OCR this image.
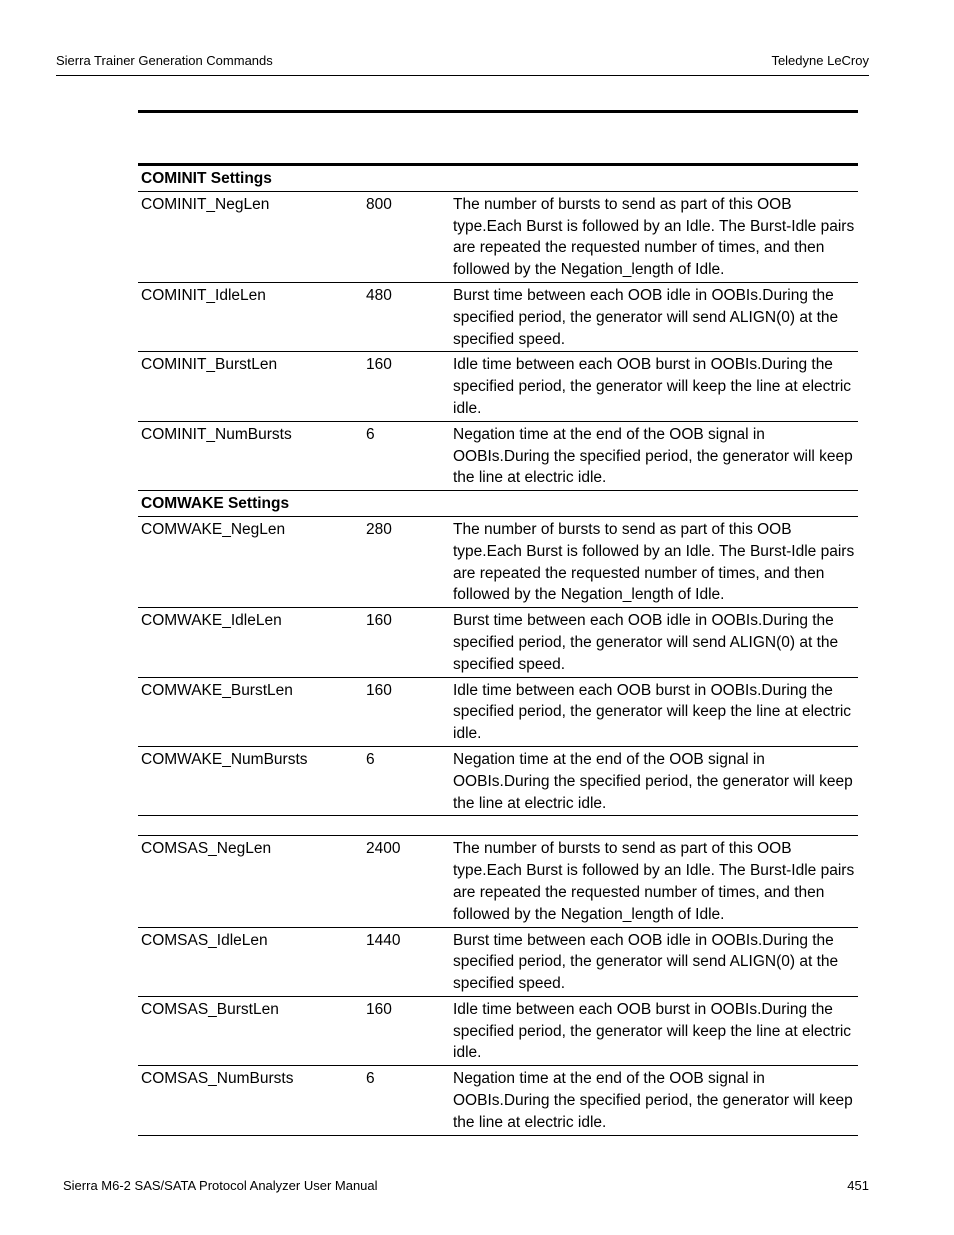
Sierra Trainer Generation Commands	Teledyne LeCroy
COMINIT Settings		
COMINIT_NegLen	800	The number of bursts to send as part of this OOB type.Each Burst is followed by an Idle. The Burst-Idle pairs are repeated the requested number of times, and then followed by the Negation_length of Idle.
COMINIT_IdleLen	480	Burst time between each OOB idle in OOBIs.During the specified period, the generator will send ALIGN(0) at the specified speed.
COMINIT_BurstLen	160	Idle time between each OOB burst in OOBIs.During the specified period, the generator will keep the line at electric idle.
COMINIT_NumBursts	6	Negation time at the end of the OOB signal in OOBIs.During the specified period, the generator will keep the line at electric idle.
COMWAKE Settings		
COMWAKE_NegLen	280	The number of bursts to send as part of this OOB type.Each Burst is followed by an Idle. The Burst-Idle pairs are repeated the requested number of times, and then followed by the Negation_length of Idle.
COMWAKE_IdleLen	160	Burst time between each OOB idle in OOBIs.During the specified period, the generator will send ALIGN(0) at the specified speed.
COMWAKE_BurstLen	160	Idle time between each OOB burst in OOBIs.During the specified period, the generator will keep the line at electric idle.
COMWAKE_NumBursts	6	Negation time at the end of the OOB signal in OOBIs.During the specified period, the generator will keep the line at electric idle.

COMSAS_NegLen	2400	The number of bursts to send as part of this OOB type.Each Burst is followed by an Idle. The Burst-Idle pairs are repeated the requested number of times, and then followed by the Negation_length of Idle.
COMSAS_IdleLen	1440	Burst time between each OOB idle in OOBIs.During the specified period, the generator will send ALIGN(0) at the specified speed.
COMSAS_BurstLen	160	Idle time between each OOB burst in OOBIs.During the specified period, the generator will keep the line at electric idle.
COMSAS_NumBursts	6	Negation time at the end of the OOB signal in OOBIs.During the specified period, the generator will keep the line at electric idle.
Sierra M6-2 SAS/SATA Protocol Analyzer User Manual	451
